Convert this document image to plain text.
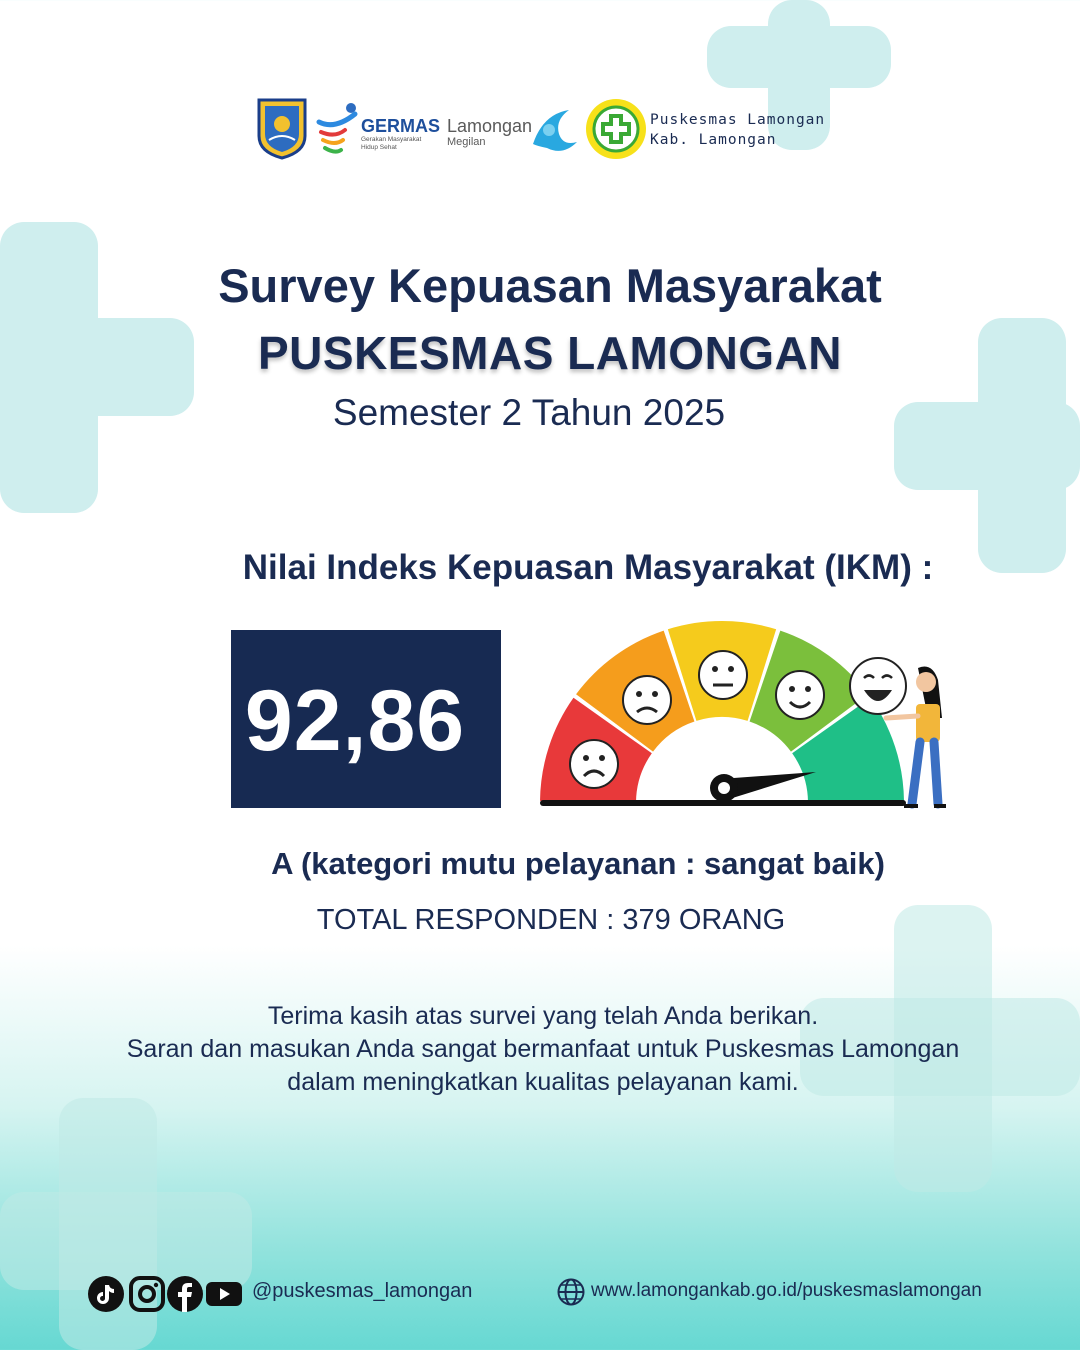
GERMAS
Gerakan Masyarakat
Hidup Sehat
Lamongan
Megilan
Puskesmas Lamongan
Kab. Lamongan
Survey Kepuasan Masyarakat
PUSKESMAS LAMONGAN
Semester 2 Tahun 2025
Nilai Indeks Kepuasan Masyarakat (IKM) :
92,86
A (kategori mutu pelayanan : sangat baik)
TOTAL RESPONDEN : 379 ORANG
Terima kasih atas survei yang telah Anda berikan.
Saran dan masukan Anda sangat bermanfaat untuk Puskesmas Lamongan
dalam meningkatkan kualitas pelayanan kami.
@puskesmas_lamongan	www.lamongankab.go.id/puskesmaslamongan
